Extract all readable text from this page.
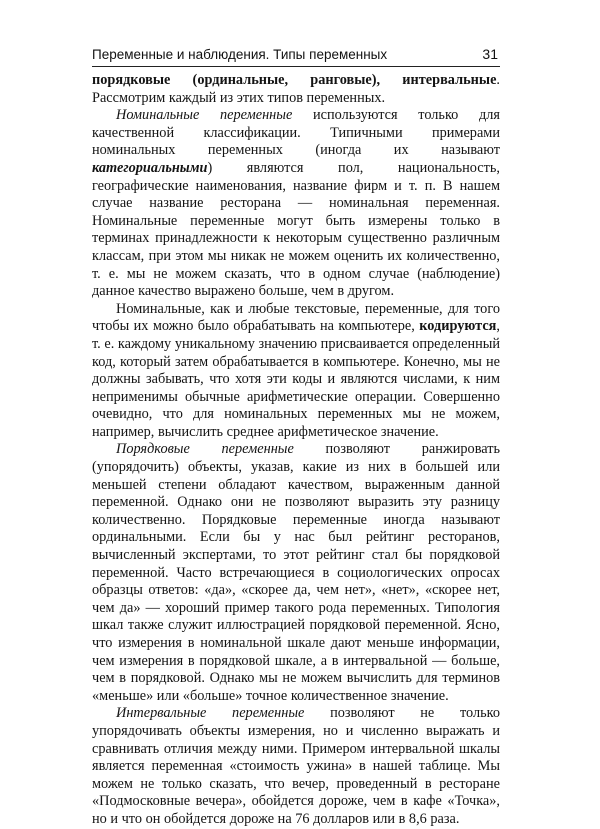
Переменные и наблюдения. Типы переменных	31

порядковые (ординальные, ранговые), интервальные. Рассмотрим каждый из этих типов переменных.

Номинальные переменные используются только для качественной классификации. Типичными примерами номинальных переменных (иногда их называют категориальными) являются пол, национальность, географические наименования, название фирм и т. п. В нашем случае название ресторана — номинальная переменная. Номинальные переменные могут быть измерены только в терминах принадлежности к некоторым существенно различным классам, при этом мы никак не можем оценить их количественно, т. е. мы не можем сказать, что в одном случае (наблюдение) данное качество выражено больше, чем в другом.

Номинальные, как и любые текстовые, переменные, для того чтобы их можно было обрабатывать на компьютере, кодируются, т. е. каждому уникальному значению присваивается определенный код, который затем обрабатывается в компьютере. Конечно, мы не должны забывать, что хотя эти коды и являются числами, к ним неприменимы обычные арифметические операции. Совершенно очевидно, что для номинальных переменных мы не можем, например, вычислить среднее арифметическое значение.

Порядковые переменные позволяют ранжировать (упорядочить) объекты, указав, какие из них в большей или меньшей степени обладают качеством, выраженным данной переменной. Однако они не позволяют выразить эту разницу количественно. Порядковые переменные иногда называют ординальными. Если бы у нас был рейтинг ресторанов, вычисленный экспертами, то этот рейтинг стал бы порядковой переменной. Часто встречающиеся в социологических опросах образцы ответов: «да», «скорее да, чем нет», «нет», «скорее нет, чем да» — хороший пример такого рода переменных. Типология шкал также служит иллюстрацией порядковой переменной. Ясно, что измерения в номинальной шкале дают меньше информации, чем измерения в порядковой шкале, а в интервальной — больше, чем в порядковой. Однако мы не можем вычислить для терминов «меньше» или «больше» точное количественное значение.

Интервальные переменные позволяют не только упорядочивать объекты измерения, но и численно выражать и сравнивать отличия между ними. Примером интервальной шкалы является переменная «стоимость ужина» в нашей таблице. Мы можем не только сказать, что вечер, проведенный в ресторане «Подмосковные вечера», обойдется дороже, чем в кафе «Точка», но и что он обойдется дороже на 76 долларов или в 8,6 раза.
